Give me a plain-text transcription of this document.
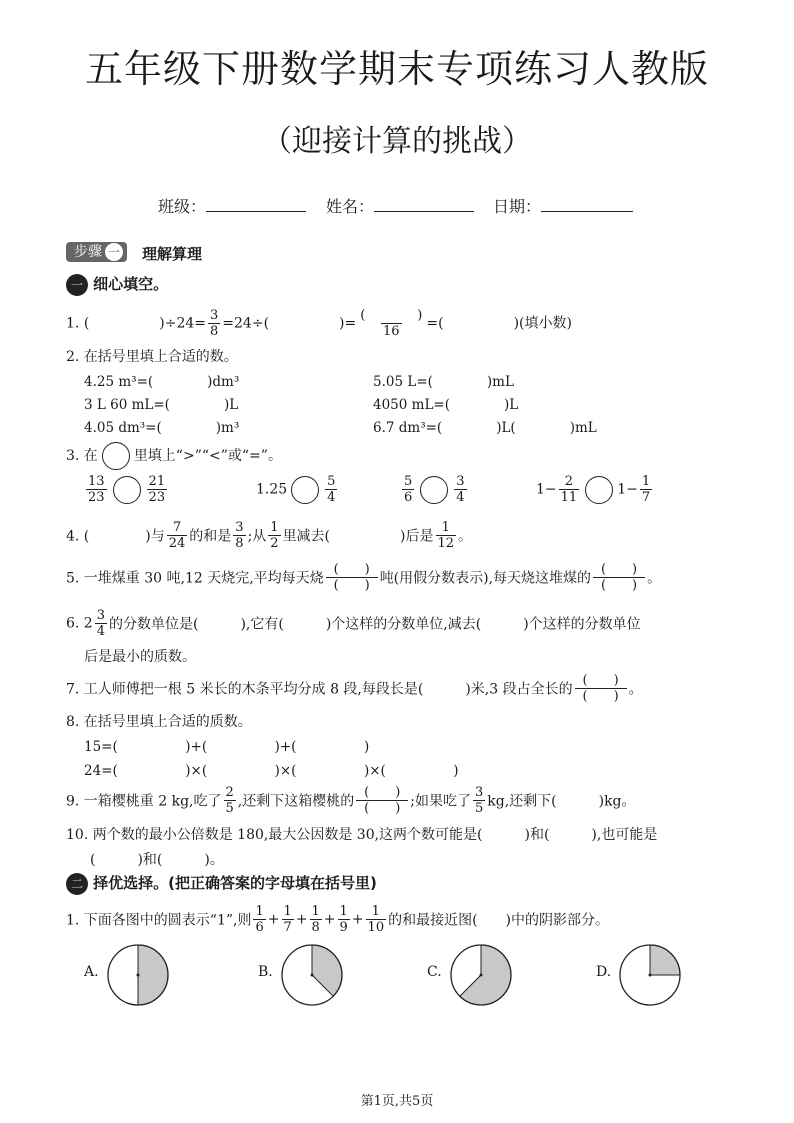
五年级下册数学期末专项练习人教版
（迎接计算的挑战）
班级：	姓名：	日期：
步骤 一	理解算理
一 细心填空。
1. (　　　　　)$\div 24= \frac{3}{8} =24\div$(　　　　　)= $\frac{( )}{16}$ =(　　　　　)(填小数)
2. 在括号里填上合适的数。
4.25 m³=(　　　　)dm³	5.05 L=(　　　　)mL
3 L 60 mL=(　　　　)L	4050 mL=(　　　　)L
4.05 dm³=(　　　　)m³	6.7 dm³=(　　　　)L(　　　　)mL
3. 在	里填上“>”“<”或“=”。
$\frac{13}{23}$	$\frac{21}{23}$	1.25	$\frac{5}{4}$	$\frac{5}{6}$	$\frac{3}{4}$	$1- \frac{2}{11}$	$1- \frac{1}{7}$
4. (　　　　)与 $\frac{7}{24}$ 的和是 $\frac{3}{8}$ ;从 $\frac{1}{2}$ 里减去(　　　　　)后是 $\frac{1}{12}$ 。
5. 一堆煤重 30 吨,12 天烧完,平均每天烧 $\frac{( )}{( )}$ 吨(用假分数表示),每天烧这堆煤的 $\frac{( )}{( )}$ 。
6. $2 \frac{3}{4}$ 的分数单位是(　　　),它有(　　　)个这样的分数单位,减去(　　　)个这样的分数单位
后是最小的质数。
7. 工人师傅把一根 5 米长的木条平均分成 8 段,每段长是(　　　)米,3 段占全长的 $\frac{( )}{( )}$ 。
8. 在括号里填上合适的质数。
15=(　　　　　)+(　　　　　)+(　　　　　)
24=(　　　　　)×(　　　　　)×(　　　　　)×(　　　　　)
9. 一箱樱桃重 2 kg,吃了 $\frac{2}{5}$ ,还剩下这箱樱桃的 $\frac{( )}{( )}$ ;如果吃了 $\frac{3}{5}$ kg,还剩下(　　　)kg。
10. 两个数的最小公倍数是 180,最大公因数是 30,这两个数可能是(　　　)和(　　　),也可能是
(　　　)和(　　　)。
二 择优选择。(把正确答案的字母填在括号里)
1. 下面各图中的圆表示“1”,则 $\frac{1}{6} + \frac{1}{7} + \frac{1}{8} + \frac{1}{9} + \frac{1}{10}$ 的和最接近图(　　)中的阴影部分。
A.	B.	C.	D.
第1页,共5页
